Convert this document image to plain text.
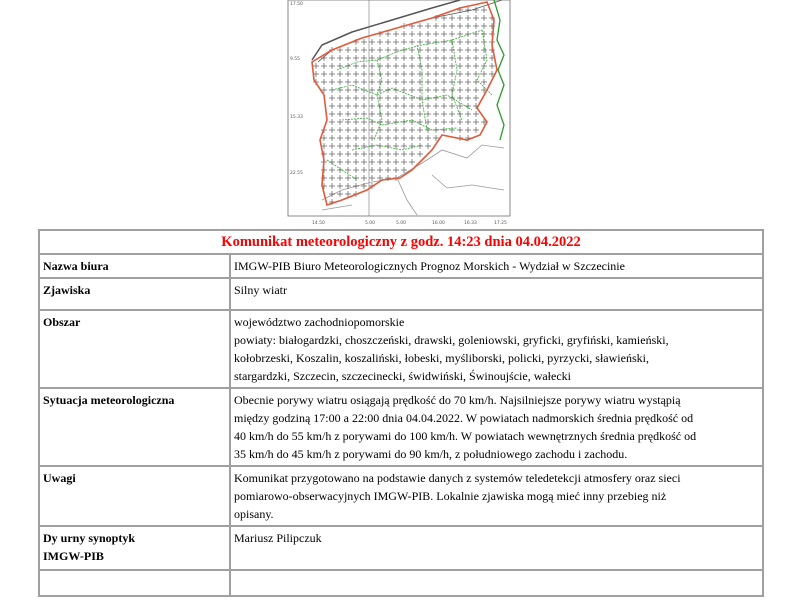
17.50
9.55
15.33
22.55
14.50	5.00	5.00	16.00	16.33	17.25
Komunikat meteorologiczny z godz. 14:23 dnia 04.04.2022	
Nazwa biura	IMGW-PIB Biuro Meteorologicznych Prognoz Morskich - Wydział w Szczecinie
Zjawiska	Silny wiatr
Obszar	województwo zachodniopomorskie
powiaty: białogardzki, choszczeński, drawski, goleniowski, gryficki, gryfiński, kamieński,
kołobrzeski, Koszalin, koszaliński, łobeski, myśliborski, policki, pyrzycki, sławieński,
stargardzki, Szczecin, szczecinecki, świdwiński, Świnoujście, wałecki

Sytuacja meteorologiczna	Obecnie porywy wiatru osiągają prędkość do 70 km/h. Najsilniejsze porywy wiatru wystąpią
między godziną 17:00 a 22:00 dnia 04.04.2022. W powiatach nadmorskich średnia prędkość od
40 km/h do 55 km/h z porywami do 100 km/h. W powiatach wewnętrznych średnia prędkość od
35 km/h do 45 km/h z porywami do 90 km/h, z południowego zachodu i zachodu.

Uwagi	Komunikat przygotowano na podstawie danych z systemów teledetekcji atmosfery oraz sieci
pomiarowo-obserwacyjnych IMGW-PIB. Lokalnie zjawiska mogą mieć inny przebieg niż
opisany.

Dy urny synoptyk
IMGW-PIB	Mariusz Pilipczuk
